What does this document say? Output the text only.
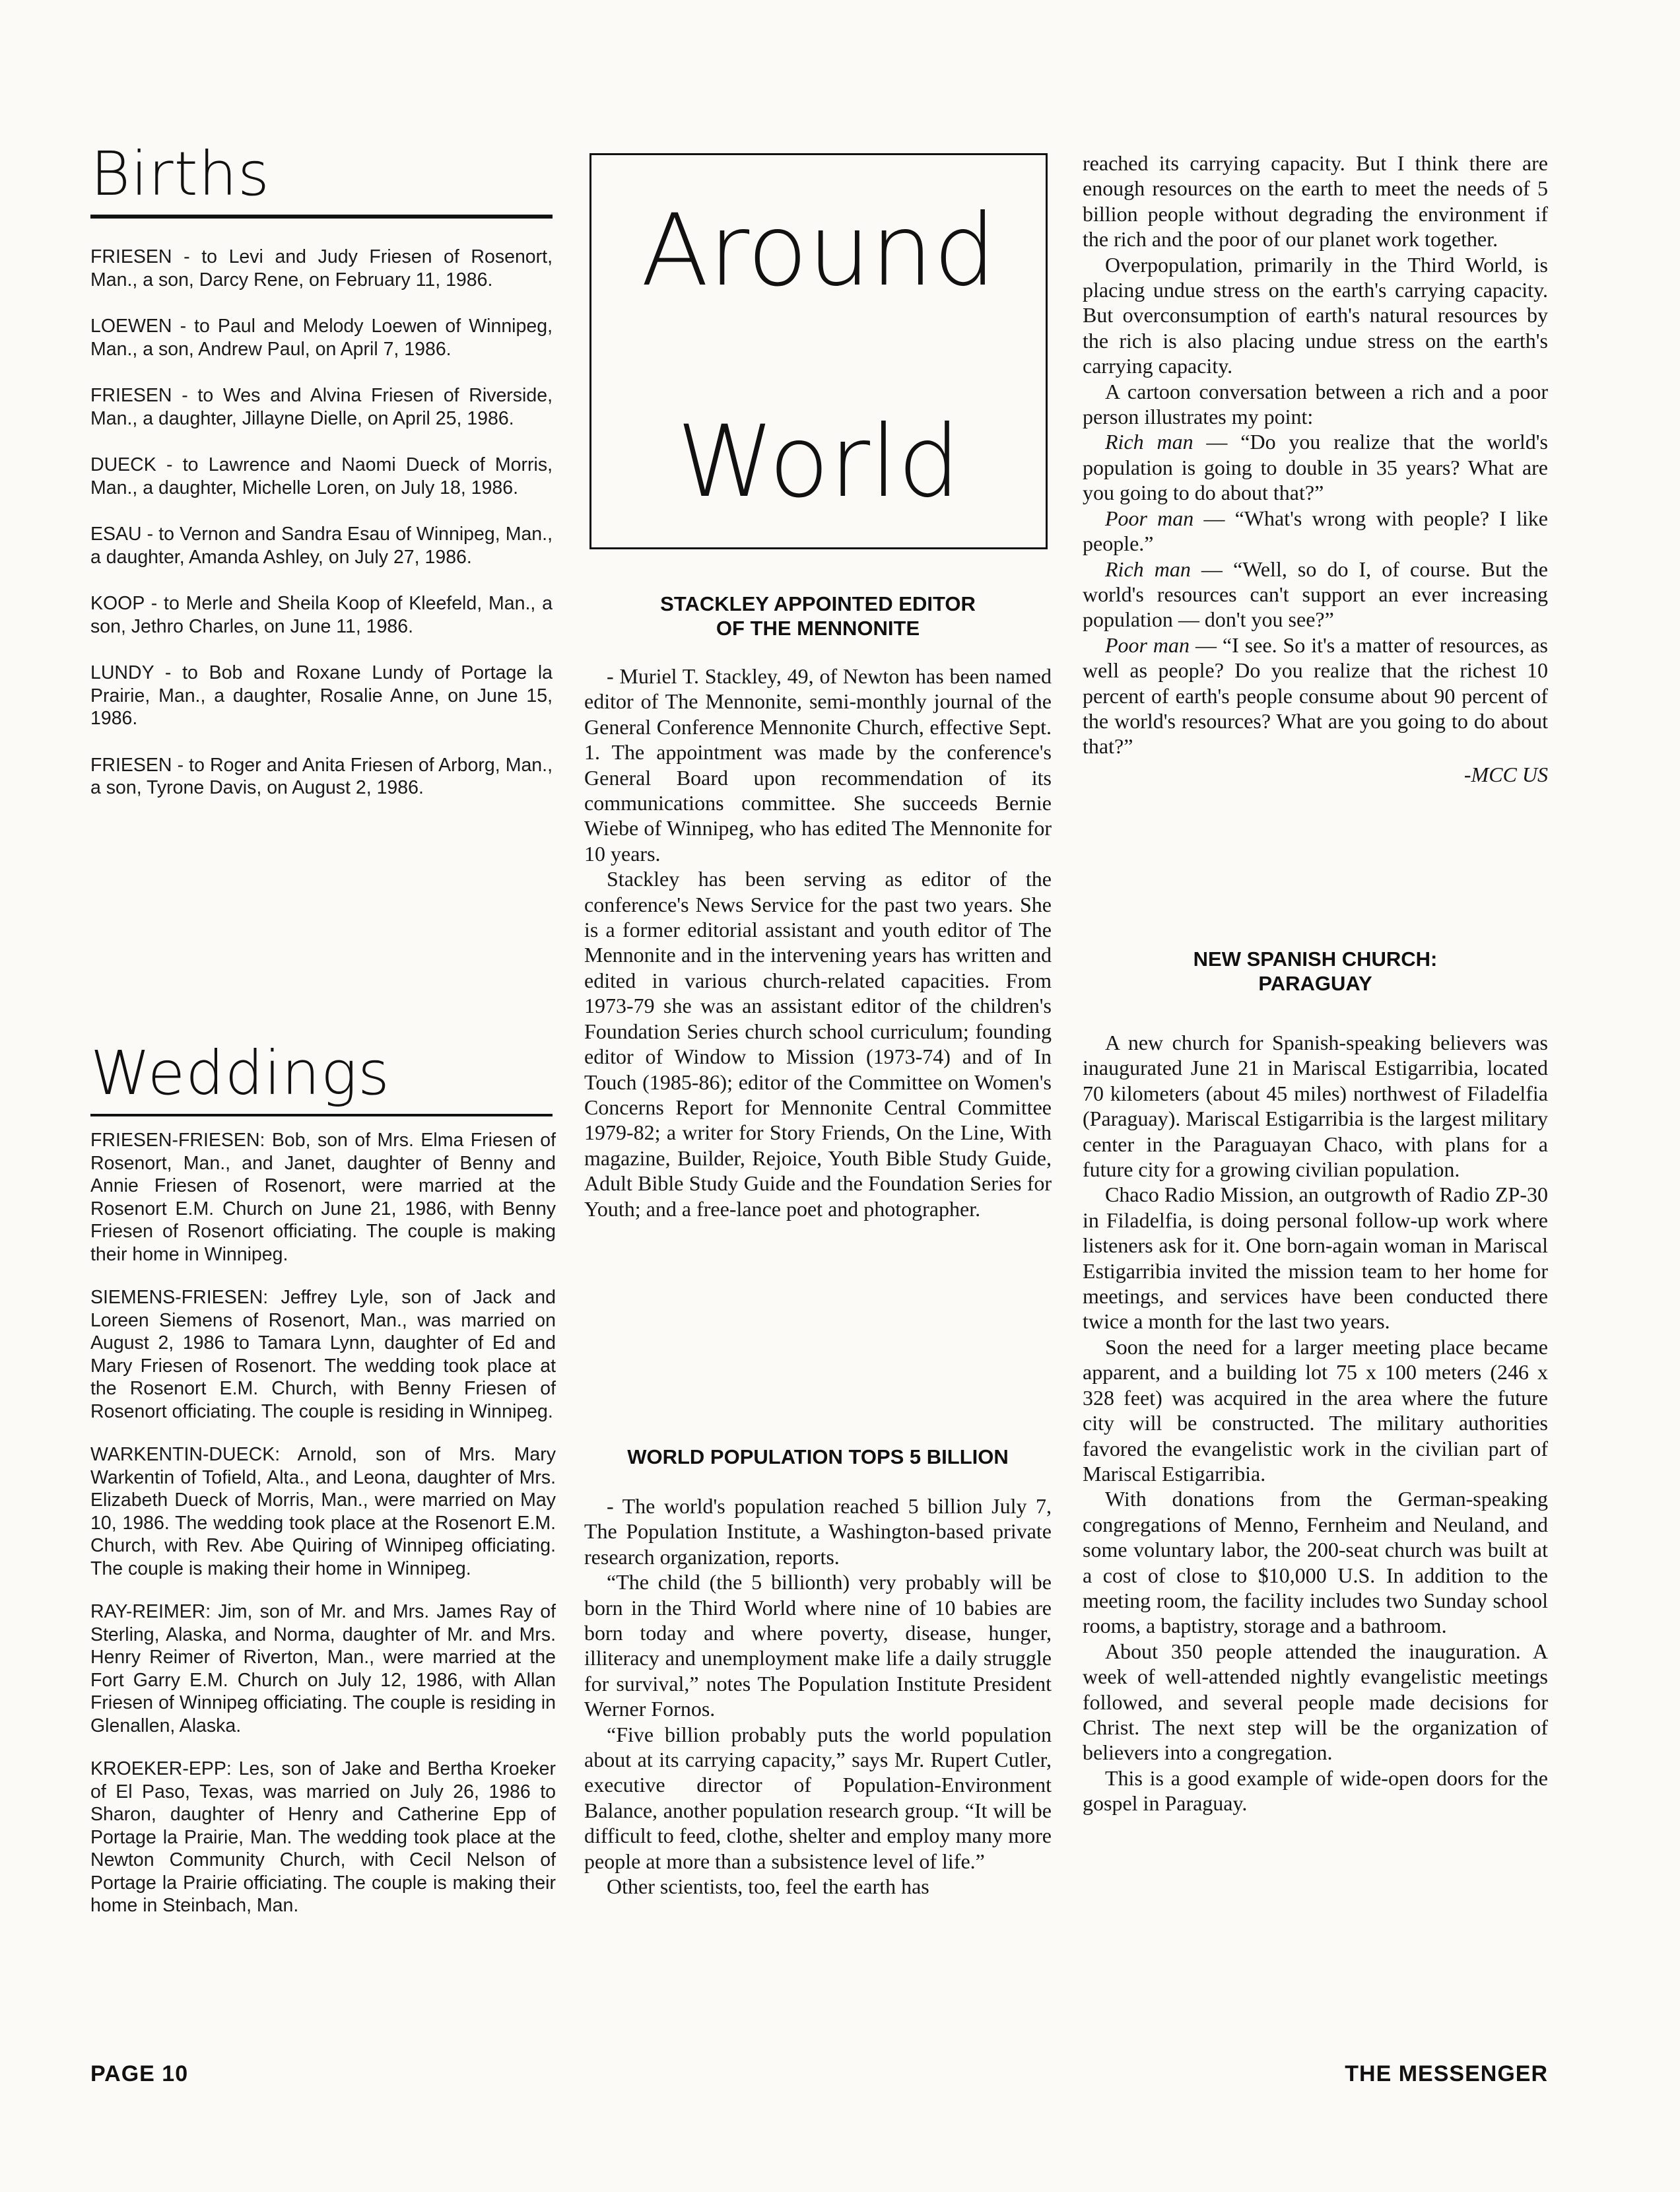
Births

FRIESEN - to Levi and Judy Friesen of Rosenort, Man., a son, Darcy Rene, on February 11, 1986.

LOEWEN - to Paul and Melody Loewen of Winnipeg, Man., a son, Andrew Paul, on April 7, 1986.

FRIESEN - to Wes and Alvina Friesen of Riverside, Man., a daughter, Jillayne Dielle, on April 25, 1986.

DUECK - to Lawrence and Naomi Dueck of Morris, Man., a daughter, Michelle Loren, on July 18, 1986.

ESAU - to Vernon and Sandra Esau of Winnipeg, Man., a daughter, Amanda Ashley, on July 27, 1986.

KOOP - to Merle and Sheila Koop of Kleefeld, Man., a son, Jethro Charles, on June 11, 1986.

LUNDY - to Bob and Roxane Lundy of Portage la Prairie, Man., a daughter, Rosalie Anne, on June 15, 1986.

FRIESEN - to Roger and Anita Friesen of Arborg, Man., a son, Tyrone Davis, on August 2, 1986.

Weddings

FRIESEN-FRIESEN: Bob, son of Mrs. Elma Friesen of Rosenort, Man., and Janet, daughter of Benny and Annie Friesen of Rosenort, were married at the Rosenort E.M. Church on June 21, 1986, with Benny Friesen of Rosenort officiating. The couple is making their home in Winnipeg.

SIEMENS-FRIESEN: Jeffrey Lyle, son of Jack and Loreen Siemens of Rosenort, Man., was married on August 2, 1986 to Tamara Lynn, daughter of Ed and Mary Friesen of Rosenort. The wedding took place at the Rosenort E.M. Church, with Benny Friesen of Rosenort officiating. The couple is residing in Winnipeg.

WARKENTIN-DUECK: Arnold, son of Mrs. Mary Warkentin of Tofield, Alta., and Leona, daughter of Mrs. Elizabeth Dueck of Morris, Man., were married on May 10, 1986. The wedding took place at the Rosenort E.M. Church, with Rev. Abe Quiring of Winnipeg officiating. The couple is making their home in Winnipeg.

RAY-REIMER: Jim, son of Mr. and Mrs. James Ray of Sterling, Alaska, and Norma, daughter of Mr. and Mrs. Henry Reimer of Riverton, Man., were married at the Fort Garry E.M. Church on July 12, 1986, with Allan Friesen of Winnipeg officiating. The couple is residing in Glenallen, Alaska.

KROEKER-EPP: Les, son of Jake and Bertha Kroeker of El Paso, Texas, was married on July 26, 1986 to Sharon, daughter of Henry and Catherine Epp of Portage la Prairie, Man. The wedding took place at the Newton Community Church, with Cecil Nelson of Portage la Prairie officiating. The couple is making their home in Steinbach, Man.

Around
World

STACKLEY APPOINTED EDITOR

OF THE MENNONITE

- Muriel T. Stackley, 49, of Newton has been named editor of The Mennonite, semi-monthly journal of the General Conference Mennonite Church, effective Sept. 1. The appointment was made by the conference's General Board upon recommendation of its communications committee. She succeeds Bernie Wiebe of Winnipeg, who has edited The Mennonite for 10 years.

Stackley has been serving as editor of the conference's News Service for the past two years. She is a former editorial assistant and youth editor of The Mennonite and in the intervening years has written and edited in various church-related capacities. From 1973-79 she was an assistant editor of the children's Foundation Series church school curriculum; founding editor of Window to Mission (1973-74) and of In Touch (1985-86); editor of the Committee on Women's Concerns Report for Mennonite Central Committee 1979-82; a writer for Story Friends, On the Line, With magazine, Builder, Rejoice, Youth Bible Study Guide, Adult Bible Study Guide and the Foundation Series for Youth; and a free-lance poet and photographer.

WORLD POPULATION TOPS 5 BILLION

- The world's population reached 5 billion July 7, The Population Institute, a Washington-based private research organization, reports.

“The child (the 5 billionth) very probably will be born in the Third World where nine of 10 babies are born today and where poverty, disease, hunger, illiteracy and unemployment make life a daily struggle for survival,” notes The Population Institute President Werner Fornos.

“Five billion probably puts the world population about at its carrying capacity,” says Mr. Rupert Cutler, executive director of Population-Environment Balance, another population research group. “It will be difficult to feed, clothe, shelter and employ many more people at more than a subsistence level of life.”

Other scientists, too, feel the earth has

reached its carrying capacity. But I think there are enough resources on the earth to meet the needs of 5 billion people without degrading the environment if the rich and the poor of our planet work together.

Overpopulation, primarily in the Third World, is placing undue stress on the earth's carrying capacity. But overconsumption of earth's natural resources by the rich is also placing undue stress on the earth's carrying capacity.

A cartoon conversation between a rich and a poor person illustrates my point:

Rich man — “Do you realize that the world's population is going to double in 35 years? What are you going to do about that?”

Poor man — “What's wrong with people? I like people.”

Rich man — “Well, so do I, of course. But the world's resources can't support an ever increasing population — don't you see?”

Poor man — “I see. So it's a matter of resources, as well as people? Do you realize that the richest 10 percent of earth's people consume about 90 percent of the world's resources? What are you going to do about that?”

-MCC US

NEW SPANISH CHURCH:

PARAGUAY

A new church for Spanish-speaking believers was inaugurated June 21 in Mariscal Estigarribia, located 70 kilometers (about 45 miles) northwest of Filadelfia (Paraguay). Mariscal Estigarribia is the largest military center in the Paraguayan Chaco, with plans for a future city for a growing civilian population.

Chaco Radio Mission, an outgrowth of Radio ZP-30 in Filadelfia, is doing personal follow-up work where listeners ask for it. One born-again woman in Mariscal Estigarribia invited the mission team to her home for meetings, and services have been conducted there twice a month for the last two years.

Soon the need for a larger meeting place became apparent, and a building lot 75 x 100 meters (246 x 328 feet) was acquired in the area where the future city will be constructed. The military authorities favored the evangelistic work in the civilian part of Mariscal Estigarribia.

With donations from the German-speaking congregations of Menno, Fernheim and Neuland, and some voluntary labor, the 200-seat church was built at a cost of close to $10,000 U.S. In addition to the meeting room, the facility includes two Sunday school rooms, a baptistry, storage and a bathroom.

About 350 people attended the inauguration. A week of well-attended nightly evangelistic meetings followed, and several people made decisions for Christ. The next step will be the organization of believers into a congregation.

This is a good example of wide-open doors for the gospel in Paraguay.

PAGE 10	THE MESSENGER
